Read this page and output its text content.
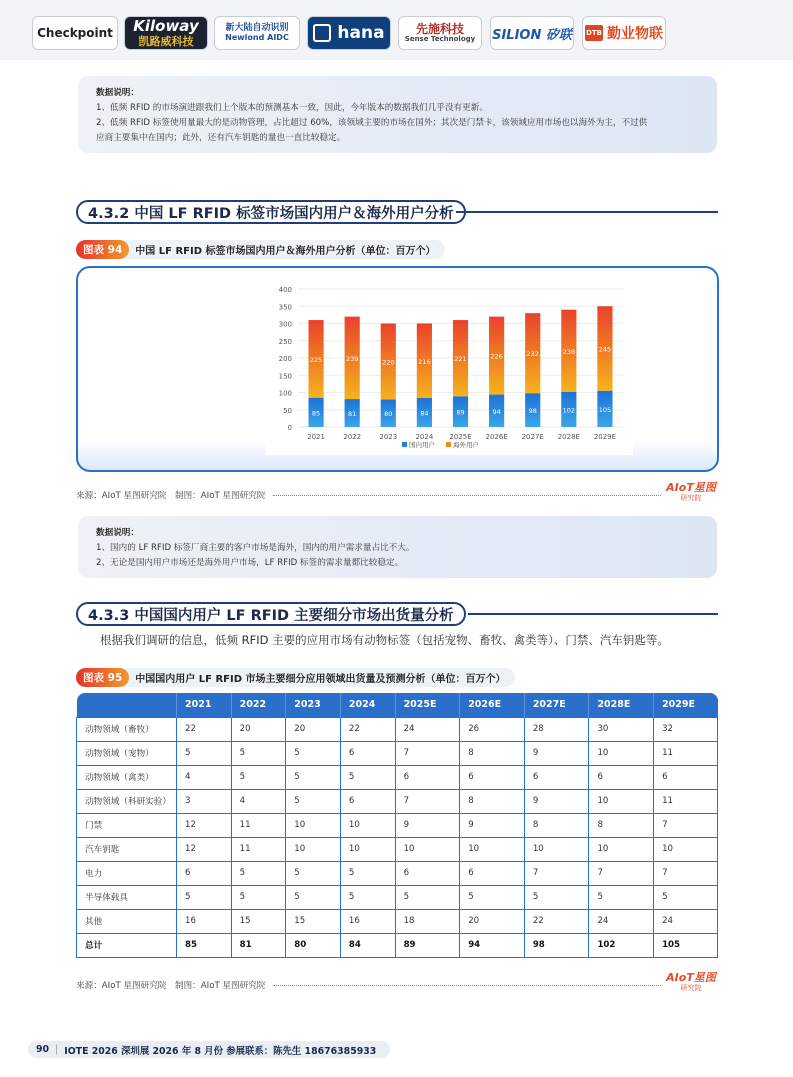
Checkpoint Kiloway
凯路威科技
新大陆自动识别
Newlond AIDC	hana	先施科技
Sense Technology SILION 矽联 DTB 勤业物联

数据说明：

1、低频 RFID 的市场演进跟我们上个版本的预测基本一致，因此，今年版本的数据我们几乎没有更新。

2、低频 RFID 标签使用量最大的是动物管理，占比超过 60%，该领域主要的市场在国外；其次是门禁卡，该领域应用市场也以海外为主，不过供

应商主要集中在国内；此外，还有汽车钥匙的量也一直比较稳定。

4.3.2 中国 LF RFID 标签市场国内用户＆海外用户分析
图表 94	中国 LF RFID 标签市场国内用户＆海外用户分析（单位：百万个）
0
50
100
150
200
250
300
350
400
85
225
2021
81
239
2022
80
220
2023
84
216
2024
89
221
2025E
94
226
2026E
98
232
2027E
102
238
2028E
105
245
2029E
国内用户	海外用户
来源：AIoT 星图研究院　制图：AIoT 星图研究院
AIoT星图
研究院

数据说明：

1、国内的 LF RFID 标签厂商主要的客户市场是海外，国内的用户需求量占比不大。

2、无论是国内用户市场还是海外用户市场，LF RFID 标签的需求量都比较稳定。

4.3.3 中国国内用户 LF RFID 主要细分市场出货量分析
根据我们调研的信息，低频 RFID 主要的应用市场有动物标签（包括宠物、畜牧、禽类等）、门禁、汽车钥匙等。
图表 95	中国国内用户 LF RFID 市场主要细分应用领域出货量及预测分析（单位：百万个）
	2021	2022	2023	2024	2025E	2026E	2027E	2028E	2029E
动物领域（畜牧）	22	20	20	22	24	26	28	30	32
动物领域（宠物）	5	5	5	6	7	8	9	10	11
动物领域（禽类）	4	5	5	5	6	6	6	6	6
动物领域（科研实验）	3	4	5	6	7	8	9	10	11
门禁	12	11	10	10	9	9	8	8	7
汽车钥匙	12	11	10	10	10	10	10	10	10
电力	6	5	5	5	6	6	7	7	7
半导体载具	5	5	5	5	5	5	5	5	5
其他	16	15	15	16	18	20	22	24	24
总计	85	81	80	84	89	94	98	102	105
来源：AIoT 星图研究院　制图：AIoT 星图研究院
AIoT星图
研究院
90 | IOTE 2026 深圳展 2026 年 8 月份 参展联系：陈先生 18676385933
